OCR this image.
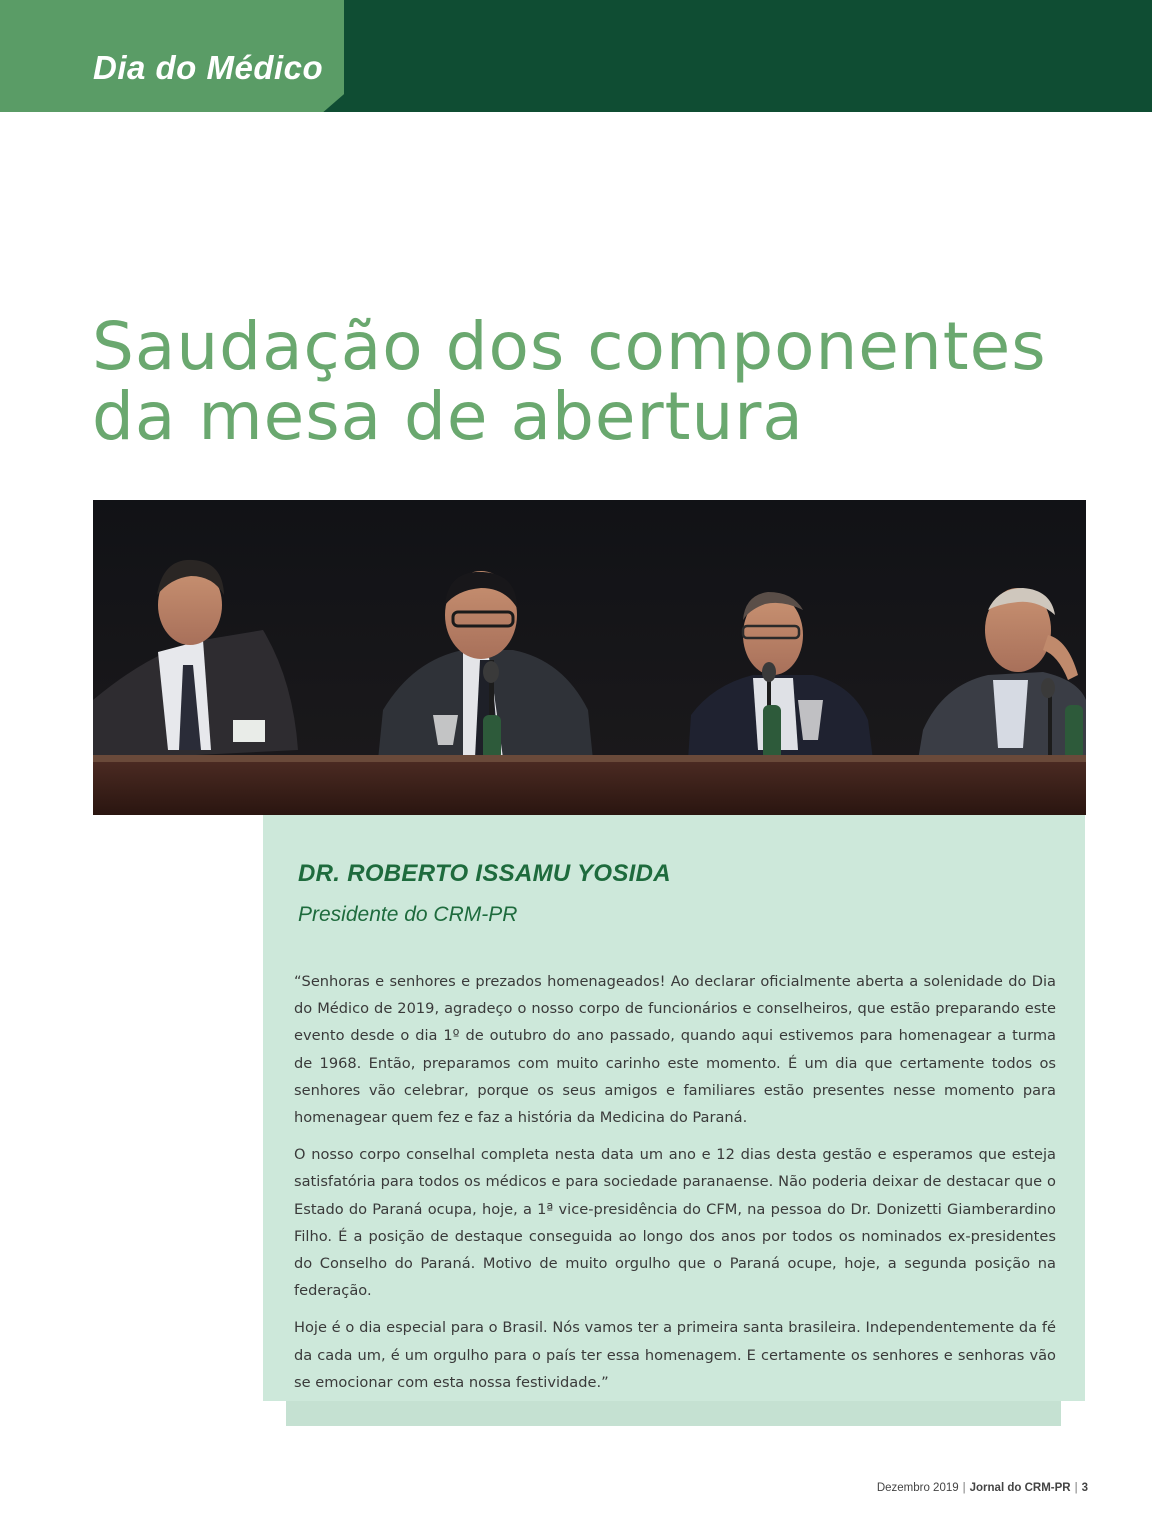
Dia do Médico
Saudação dos componentes
da mesa de abertura
DR. ROBERTO ISSAMU YOSIDA
Presidente do CRM-PR

“Senhoras e senhores e prezados homenageados! Ao declarar oficialmente aberta a solenidade do Dia do Médico de 2019, agradeço o nosso corpo de funcionários e conselheiros, que estão preparando este evento desde o dia 1º de outubro do ano passado, quando aqui estivemos para homenagear a turma de 1968. Então, preparamos com muito carinho este momento. É um dia que certamente todos os senhores vão celebrar, porque os seus amigos e familiares estão presentes nesse momento para homenagear quem fez e faz a história da Medicina do Paraná.

O nosso corpo conselhal completa nesta data um ano e 12 dias desta gestão e esperamos que esteja satisfatória para todos os médicos e para sociedade paranaense. Não poderia deixar de destacar que o Estado do Paraná ocupa, hoje, a 1ª vice-presidência do CFM, na pessoa do Dr. Donizetti Giamberardino Filho. É a posição de destaque conseguida ao longo dos anos por todos os nominados ex-presidentes do Conselho do Paraná. Motivo de muito orgulho que o Paraná ocupe, hoje, a segunda posição na federação.

Hoje é o dia especial para o Brasil. Nós vamos ter a primeira santa brasileira. Independentemente da fé da cada um, é um orgulho para o país ter essa homenagem. E certamente os senhores e senhoras vão se emocionar com esta nossa festividade.”

Dezembro 2019 | Jornal do CRM-PR | 3
